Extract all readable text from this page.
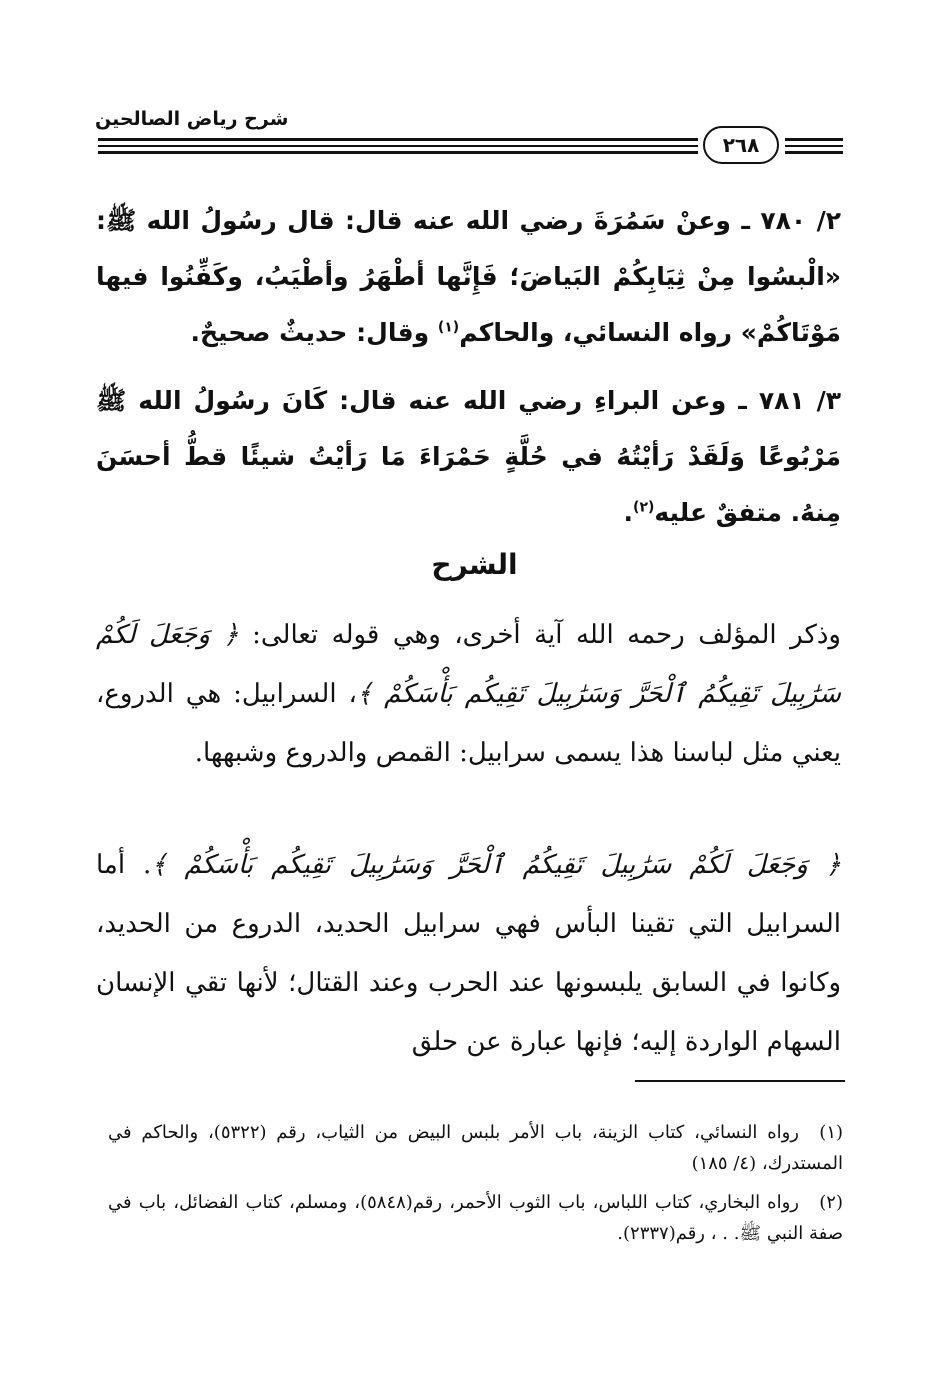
شرح رياض الصالحين
٢٦٨
٢/ ٧٨٠ ـ وعنْ سَمُرَةَ رضي الله عنه قال: قال رسُولُ الله ﷺ: «الْبسُوا مِنْ ثِيَابِكُمْ البَياضَ؛ فَإِنَّها أطْهَرُ وأطْيَبُ، وكَفِّنُوا فيها مَوْتَاكُمْ» رواه النسائي، والحاكم$^{(١)}$ وقال: حديثٌ صحيحٌ.
٣/ ٧٨١ ـ وعن البراءِ رضي الله عنه قال: كَانَ رسُولُ الله ﷺ مَرْبُوعًا وَلَقَدْ رَأيْتُهُ في حُلَّةٍ حَمْرَاءَ مَا رَأيْتُ شيئًا قطُّ أحسَنَ مِنهُ. متفقٌ عليه$^{(٢)}$.
الشرح
وذكر المؤلف رحمه الله آية أخرى، وهي قوله تعالى: ﴿ وَجَعَلَ لَكُمْ سَرَٰبِيلَ تَقِيكُمُ ٱلْحَرَّ وَسَرَٰبِيلَ تَقِيكُم بَأْسَكُمْ ﴾، السرابيل: هي الدروع، يعني مثل لباسنا هذا يسمى سرابيل: القمص والدروع وشبهها.
﴿ وَجَعَلَ لَكُمْ سَرَٰبِيلَ تَقِيكُمُ ٱلْحَرَّ وَسَرَٰبِيلَ تَقِيكُم بَأْسَكُمْ ﴾. أما السرابيل التي تقينا البأس فهي سرابيل الحديد، الدروع من الحديد، وكانوا في السابق يلبسونها عند الحرب وعند القتال؛ لأنها تقي الإنسان السهام الواردة إليه؛ فإنها عبارة عن حلق
(١)رواه النسائي، كتاب الزينة، باب الأمر بلبس البيض من الثياب، رقم (٥٣٢٢)، والحاكم في المستدرك، (٤/ ١٨٥)
(٢)رواه البخاري، كتاب اللباس، باب الثوب الأحمر، رقم(٥٨٤٨)، ومسلم، كتاب الفضائل، باب في صفة النبي ﷺ. . ، رقم(٢٣٣٧).
